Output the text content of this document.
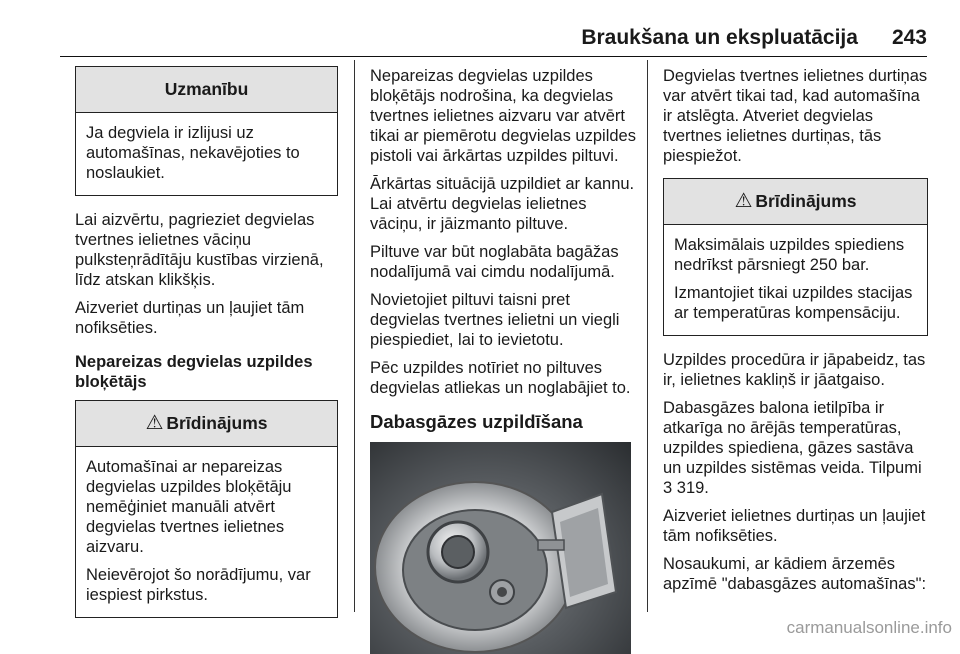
Braukšana un ekspluatācija 243
Uzmanību

Ja degviela ir izlijusi uz automašīnas, nekavējoties to noslaukiet.

Lai aizvērtu, pagrieziet degvielas tvertnes ielietnes vāciņu pulksteņrādītāju kustības virzienā, līdz atskan klikšķis.

Aizveriet durtiņas un ļaujiet tām nofiksēties.

Nepareizas degvielas uzpildes bloķētājs

⚠ Brīdinājums

Automašīnai ar nepareizas degvielas uzpildes bloķētāju nemēģiniet manuāli atvērt degvielas tvertnes ielietnes aizvaru.

Neievērojot šo norādījumu, var iespiest pirkstus.

Nepareizas degvielas uzpildes bloķētājs nodrošina, ka degvielas tvertnes ielietnes aizvaru var atvērt tikai ar piemērotu degvielas uzpildes pistoli vai ārkārtas uzpildes piltuvi.

Ārkārtas situācijā uzpildiet ar kannu. Lai atvērtu degvielas ielietnes vāciņu, ir jāizmanto piltuve.

Piltuve var būt noglabāta bagāžas nodalījumā vai cimdu nodalījumā.

Novietojiet piltuvi taisni pret degvielas tvertnes ielietni un viegli piespiediet, lai to ievietotu.

Pēc uzpildes notīriet no piltuves degvielas atliekas un noglabājiet to.

Dabasgāzes uzpildīšana

Degvielas tvertnes ielietnes durtiņas var atvērt tikai tad, kad automašīna ir atslēgta. Atveriet degvielas tvertnes ielietnes durtiņas, tās piespiežot.

⚠ Brīdinājums

Maksimālais uzpildes spiediens nedrīkst pārsniegt 250 bar.

Izmantojiet tikai uzpildes stacijas ar temperatūras kompensāciju.

Uzpildes procedūra ir jāpabeidz, tas ir, ielietnes kakliņš ir jāatgaiso.

Dabasgāzes balona ietilpība ir atkarīga no ārējās temperatūras, uzpildes spiediena, gāzes sastāva un uzpildes sistēmas veida. Tilpumi
3 319.

Aizveriet ielietnes durtiņas un ļaujiet tām nofiksēties.

Nosaukumi, ar kādiem ārzemēs apzīmē "dabasgāzes automašīnas":

carmanualsonline.info
